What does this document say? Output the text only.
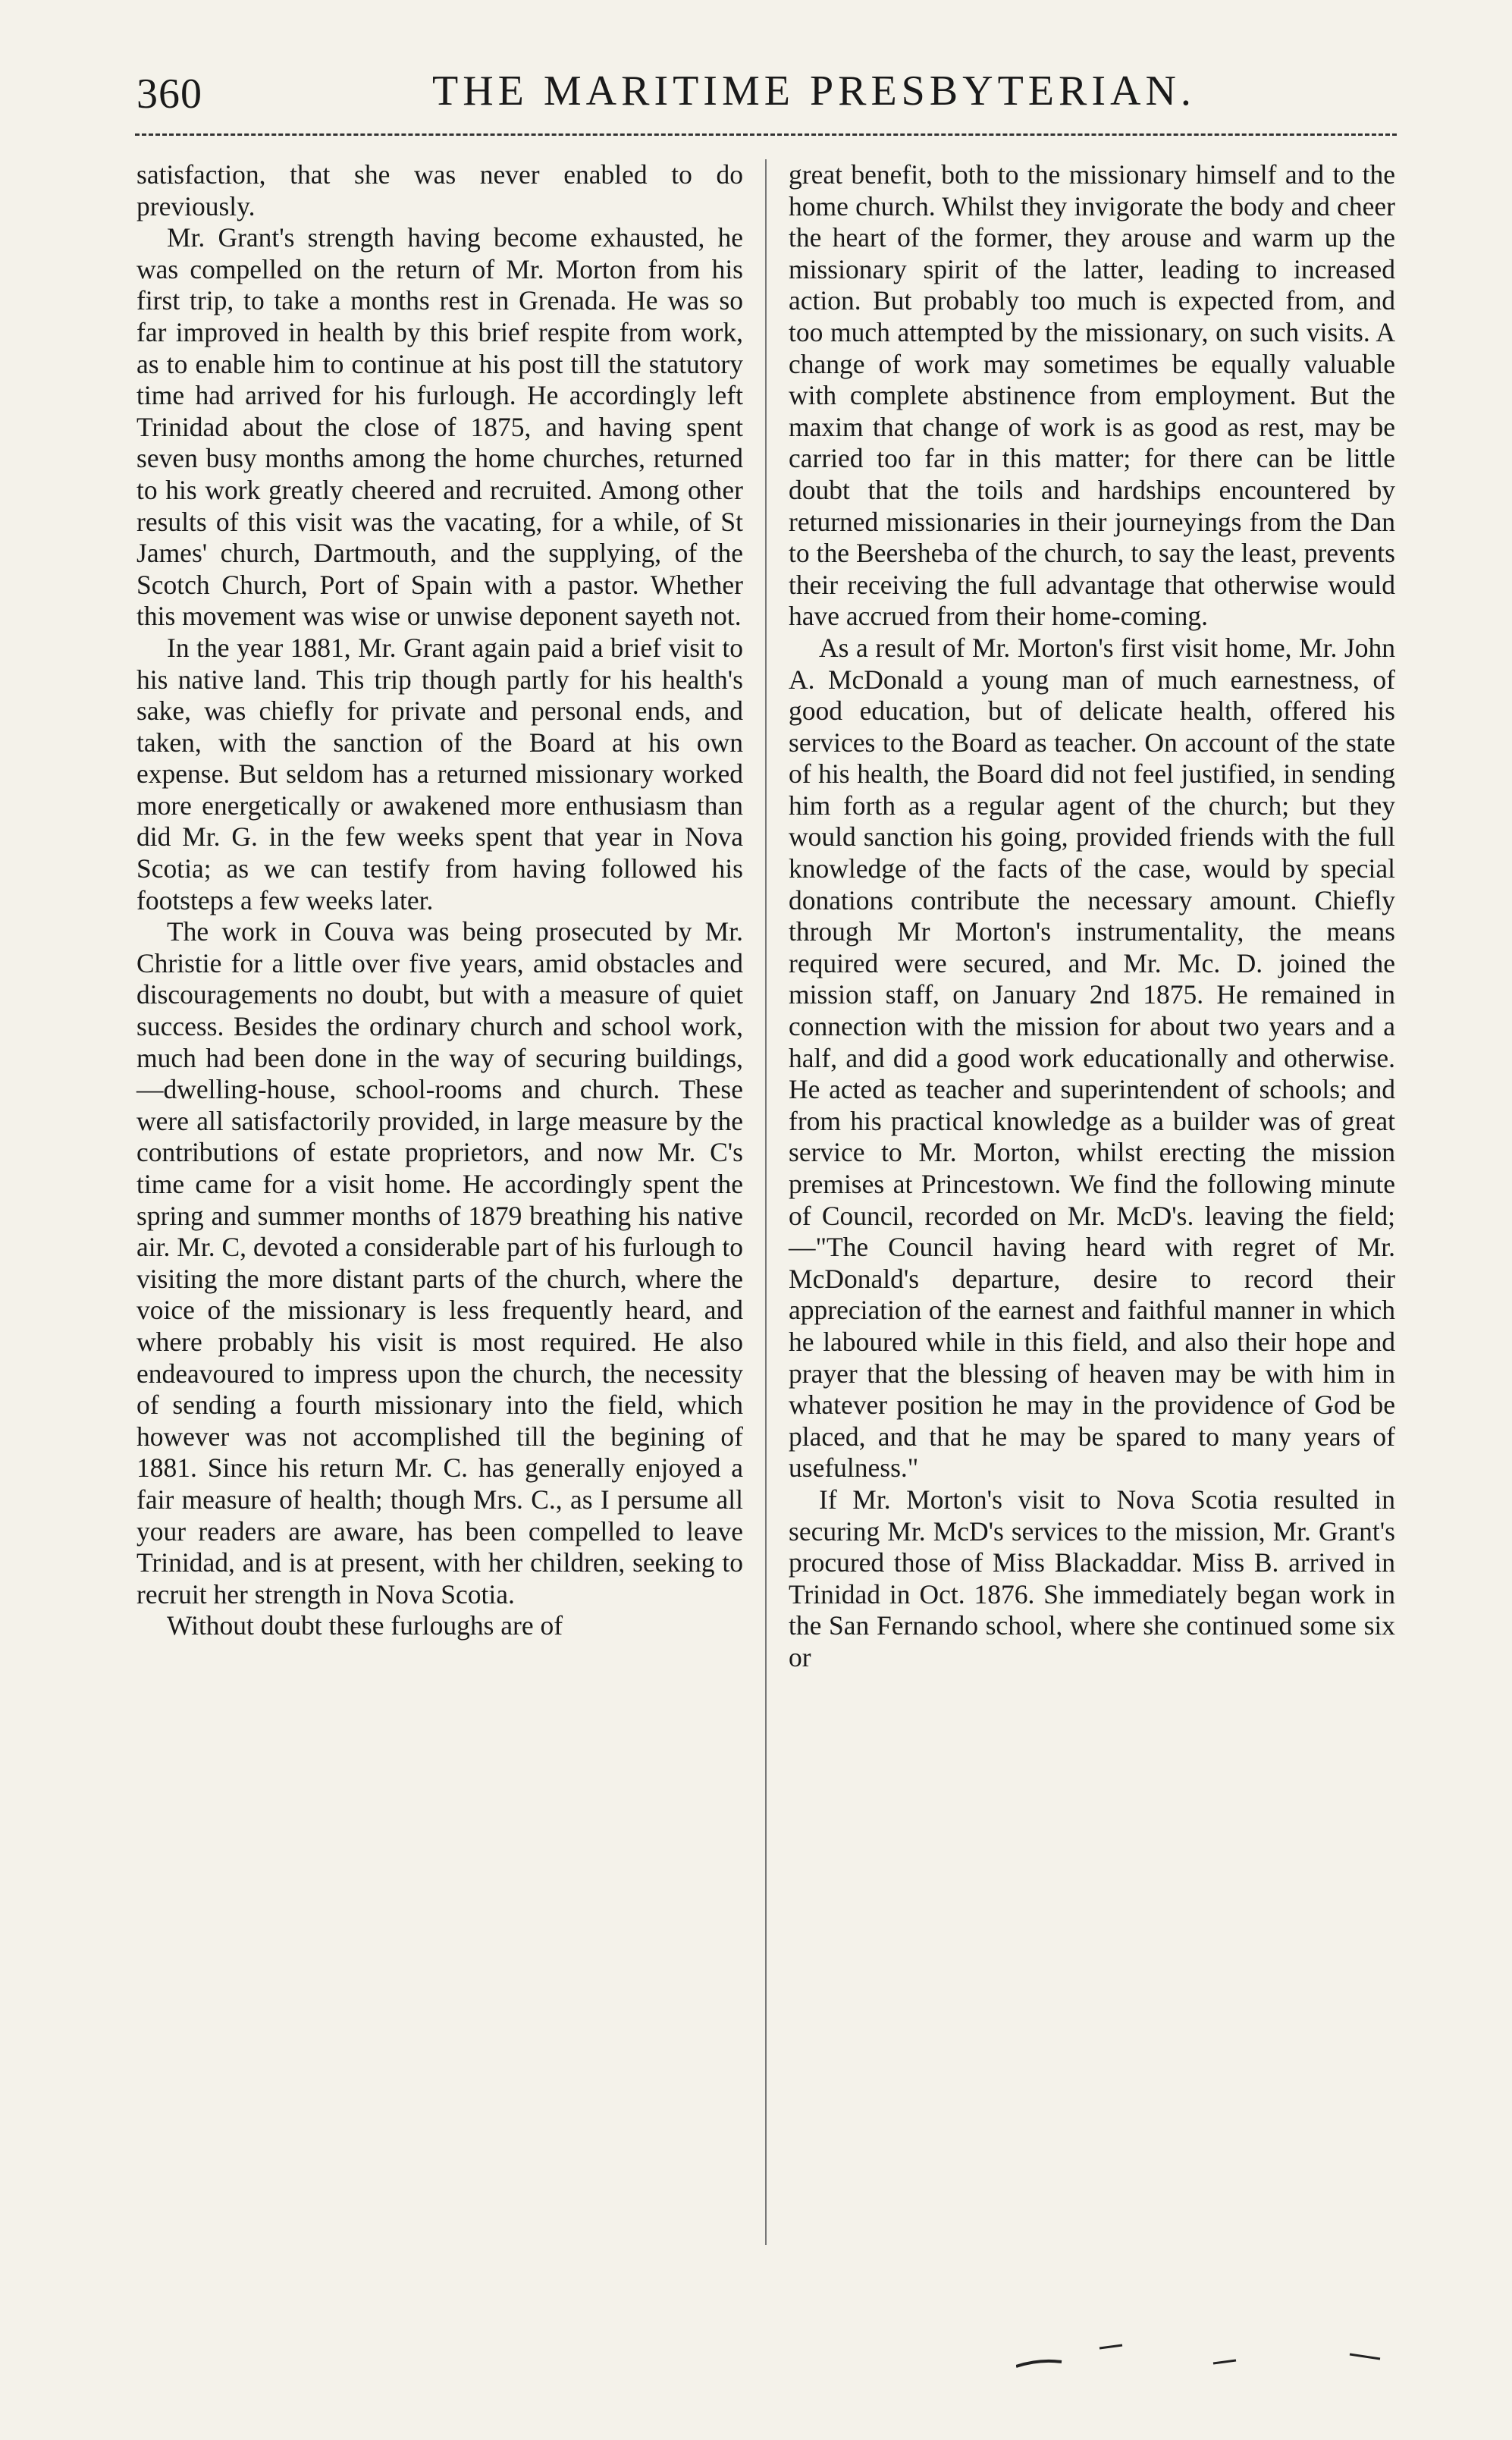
360	THE MARITIME PRESBYTERIAN.

satisfaction, that she was never enabled to do previously.

Mr. Grant's strength having become exhausted, he was compelled on the return of Mr. Morton from his first trip, to take a months rest in Grenada. He was so far improved in health by this brief respite from work, as to enable him to continue at his post till the statutory time had arrived for his furlough. He accordingly left Trinidad about the close of 1875, and having spent seven busy months among the home churches, returned to his work greatly cheered and recruited. Among other results of this visit was the vacating, for a while, of St James' church, Dartmouth, and the supplying, of the Scotch Church, Port of Spain with a pastor. Whether this movement was wise or unwise deponent sayeth not.

In the year 1881, Mr. Grant again paid a brief visit to his native land. This trip though partly for his health's sake, was chiefly for private and personal ends, and taken, with the sanction of the Board at his own expense. But seldom has a returned missionary worked more energetically or awakened more enthusiasm than did Mr. G. in the few weeks spent that year in Nova Scotia; as we can testify from having followed his footsteps a few weeks later.

The work in Couva was being prosecuted by Mr. Christie for a little over five years, amid obstacles and discouragements no doubt, but with a measure of quiet success. Besides the ordinary church and school work, much had been done in the way of securing buildings,—dwelling-house, school-rooms and church. These were all satisfactorily provided, in large measure by the contributions of estate proprietors, and now Mr. C's time came for a visit home. He accordingly spent the spring and summer months of 1879 breathing his native air. Mr. C, devoted a considerable part of his furlough to visiting the more distant parts of the church, where the voice of the missionary is less frequently heard, and where probably his visit is most required. He also endeavoured to impress upon the church, the necessity of sending a fourth missionary into the field, which however was not accomplished till the begining of 1881. Since his return Mr. C. has generally enjoyed a fair measure of health; though Mrs. C., as I persume all your readers are aware, has been compelled to leave Trinidad, and is at present, with her children, seeking to recruit her strength in Nova Scotia.

Without doubt these furloughs are of

great benefit, both to the missionary himself and to the home church. Whilst they invigorate the body and cheer the heart of the former, they arouse and warm up the missionary spirit of the latter, leading to increased action. But probably too much is expected from, and too much attempted by the missionary, on such visits. A change of work may sometimes be equally valuable with complete abstinence from employment. But the maxim that change of work is as good as rest, may be carried too far in this matter; for there can be little doubt that the toils and hardships encountered by returned missionaries in their journeyings from the Dan to the Beersheba of the church, to say the least, prevents their receiving the full advantage that otherwise would have accrued from their home-coming.

As a result of Mr. Morton's first visit home, Mr. John A. McDonald a young man of much earnestness, of good education, but of delicate health, offered his services to the Board as teacher. On account of the state of his health, the Board did not feel justified, in sending him forth as a regular agent of the church; but they would sanction his going, provided friends with the full knowledge of the facts of the case, would by special donations contribute the necessary amount. Chiefly through Mr Morton's instrumentality, the means required were secured, and Mr. Mc. D. joined the mission staff, on January 2nd 1875. He remained in connection with the mission for about two years and a half, and did a good work educationally and otherwise. He acted as teacher and superintendent of schools; and from his practical knowledge as a builder was of great service to Mr. Morton, whilst erecting the mission premises at Princestown. We find the following minute of Council, recorded on Mr. McD's. leaving the field;—"The Council having heard with regret of Mr. McDonald's departure, desire to record their appreciation of the earnest and faithful manner in which he laboured while in this field, and also their hope and prayer that the blessing of heaven may be with him in whatever position he may in the providence of God be placed, and that he may be spared to many years of usefulness."

If Mr. Morton's visit to Nova Scotia resulted in securing Mr. McD's services to the mission, Mr. Grant's procured those of Miss Blackaddar. Miss B. arrived in Trinidad in Oct. 1876. She immediately began work in the San Fernando school, where she continued some six or
